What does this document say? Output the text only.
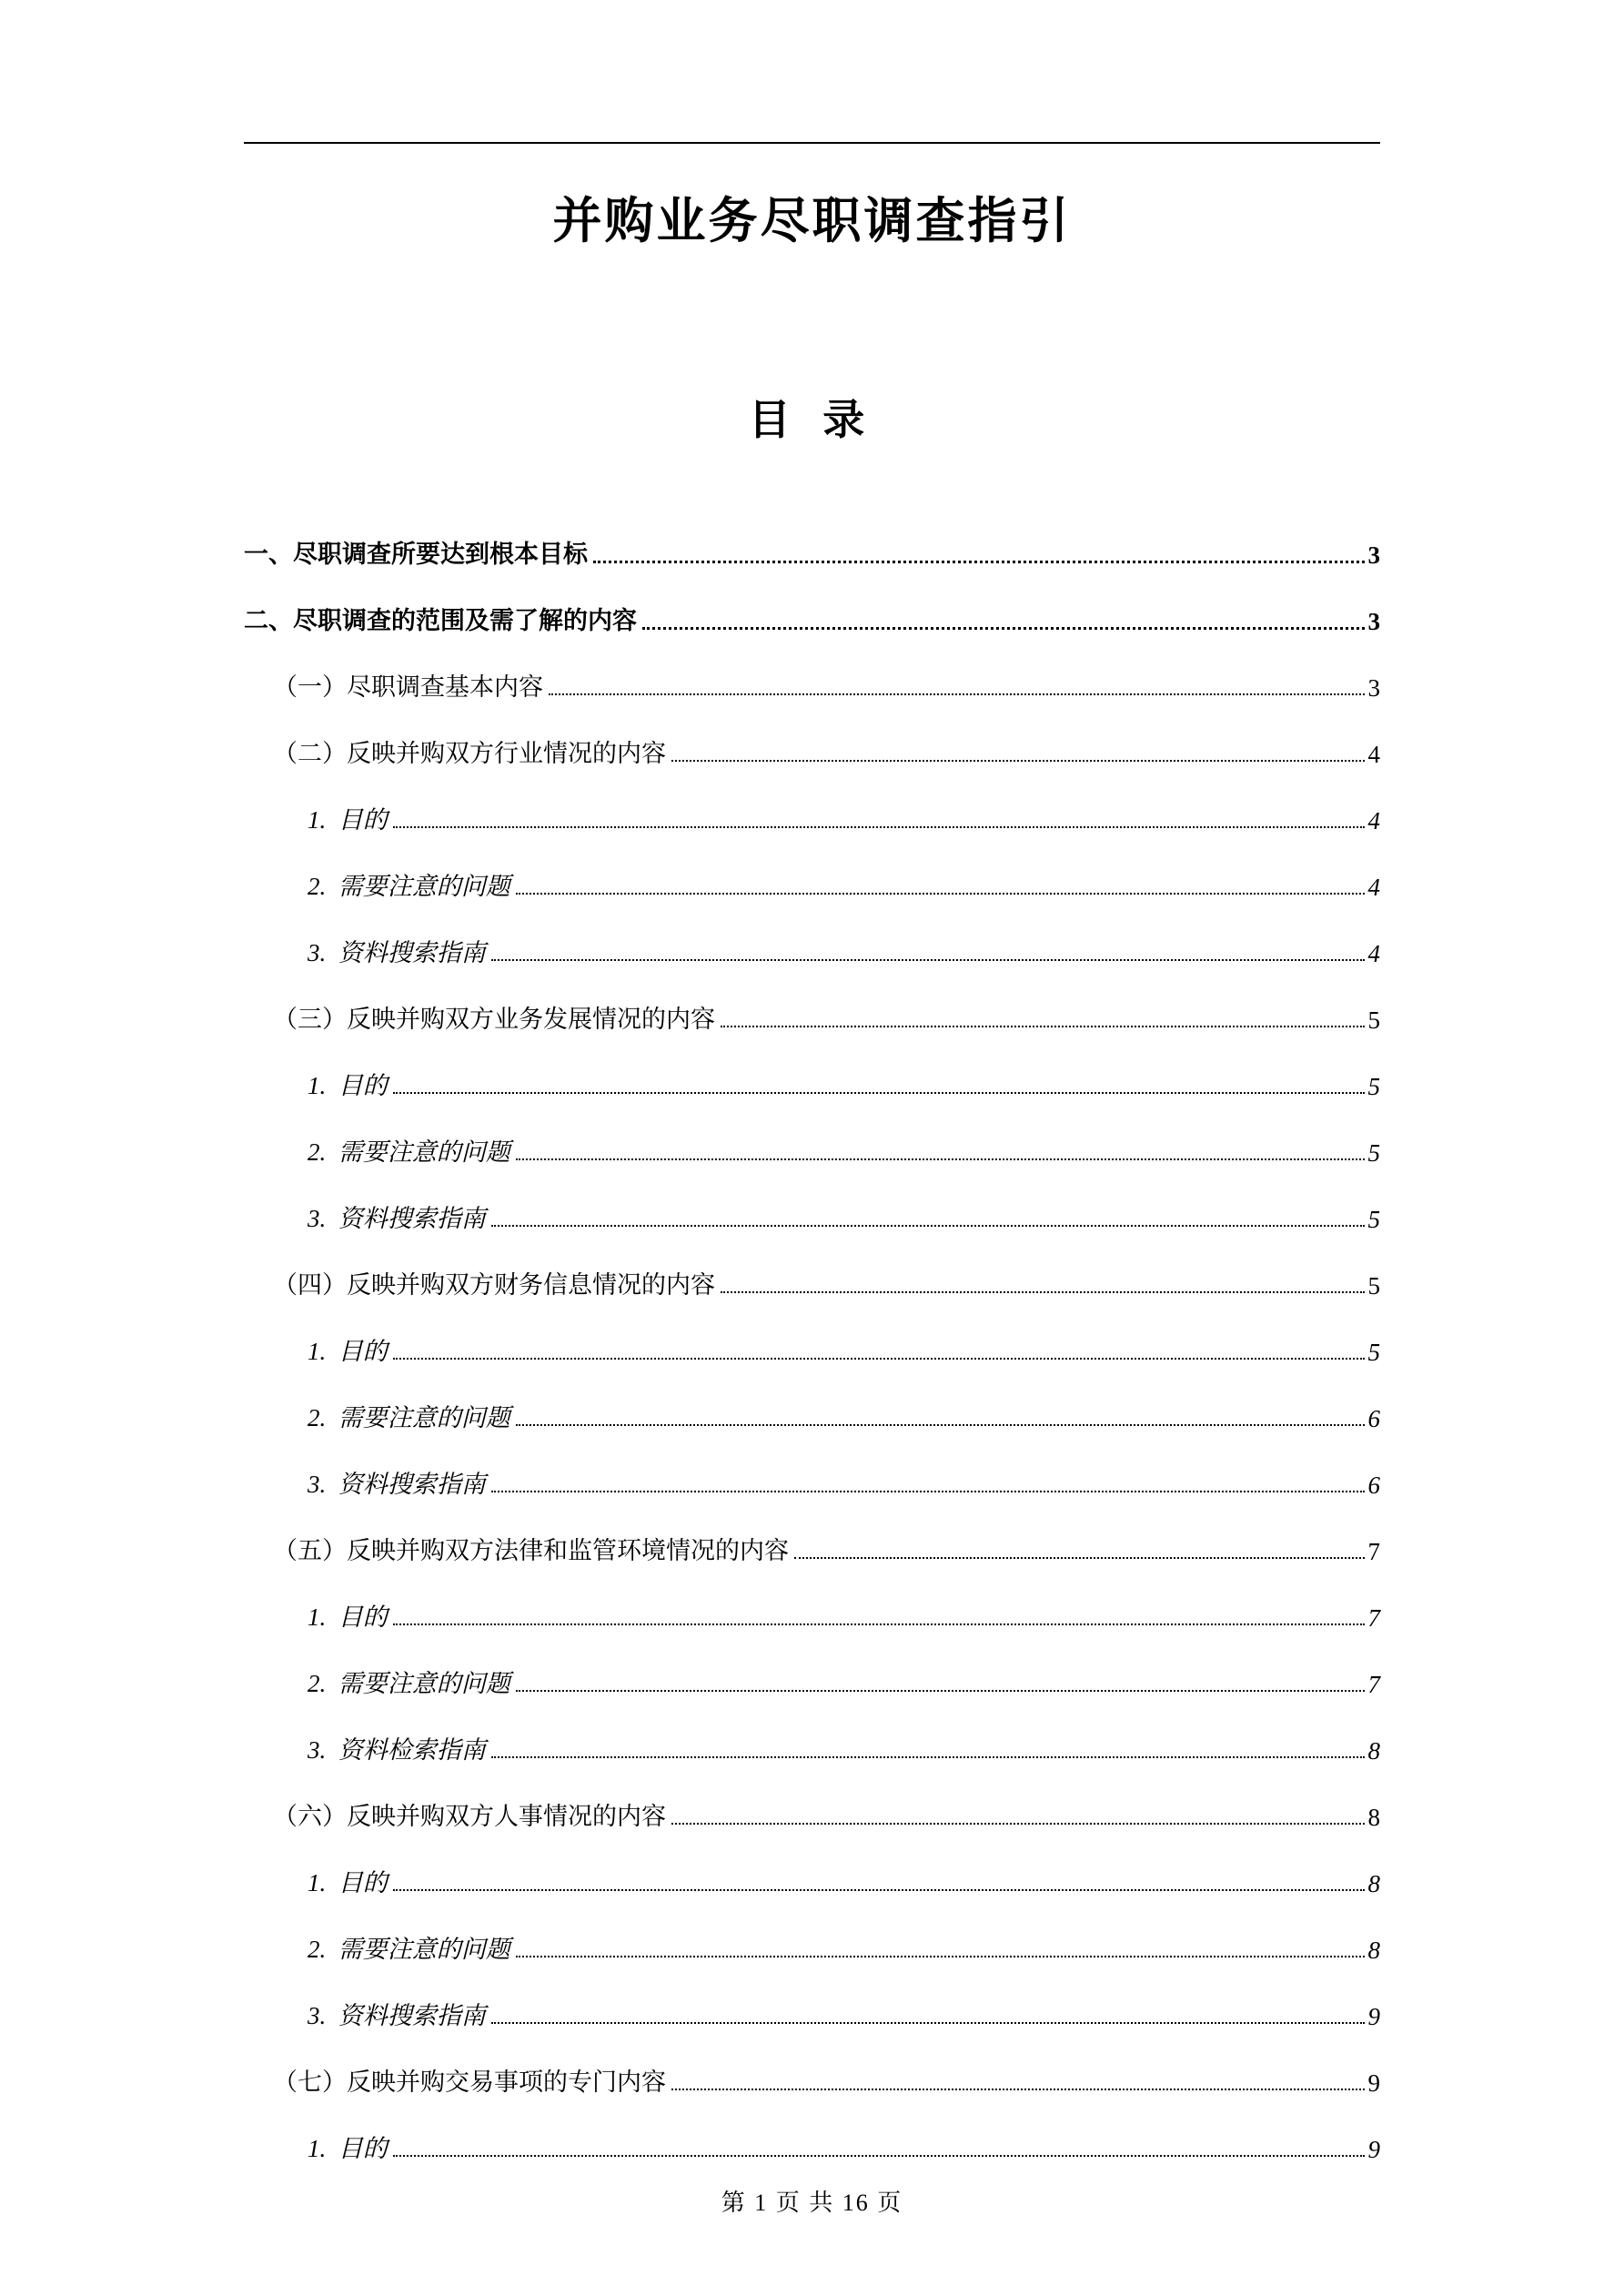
并购业务尽职调查指引
目 录
一、尽职调查所要达到根本目标	3
二、尽职调查的范围及需了解的内容	3
（一）尽职调查基本内容	3
（二）反映并购双方行业情况的内容	4
1.  目的	4
2.  需要注意的问题	4
3.  资料搜索指南	4
（三）反映并购双方业务发展情况的内容	5
1.  目的	5
2.  需要注意的问题	5
3.  资料搜索指南	5
（四）反映并购双方财务信息情况的内容	5
1.  目的	5
2.  需要注意的问题	6
3.  资料搜索指南	6
（五）反映并购双方法律和监管环境情况的内容	7
1.  目的	7
2.  需要注意的问题	7
3.  资料检索指南	8
（六）反映并购双方人事情况的内容	8
1.  目的	8
2.  需要注意的问题	8
3.  资料搜索指南	9
（七）反映并购交易事项的专门内容	9
1.  目的	9
第 1 页 共 16 页
